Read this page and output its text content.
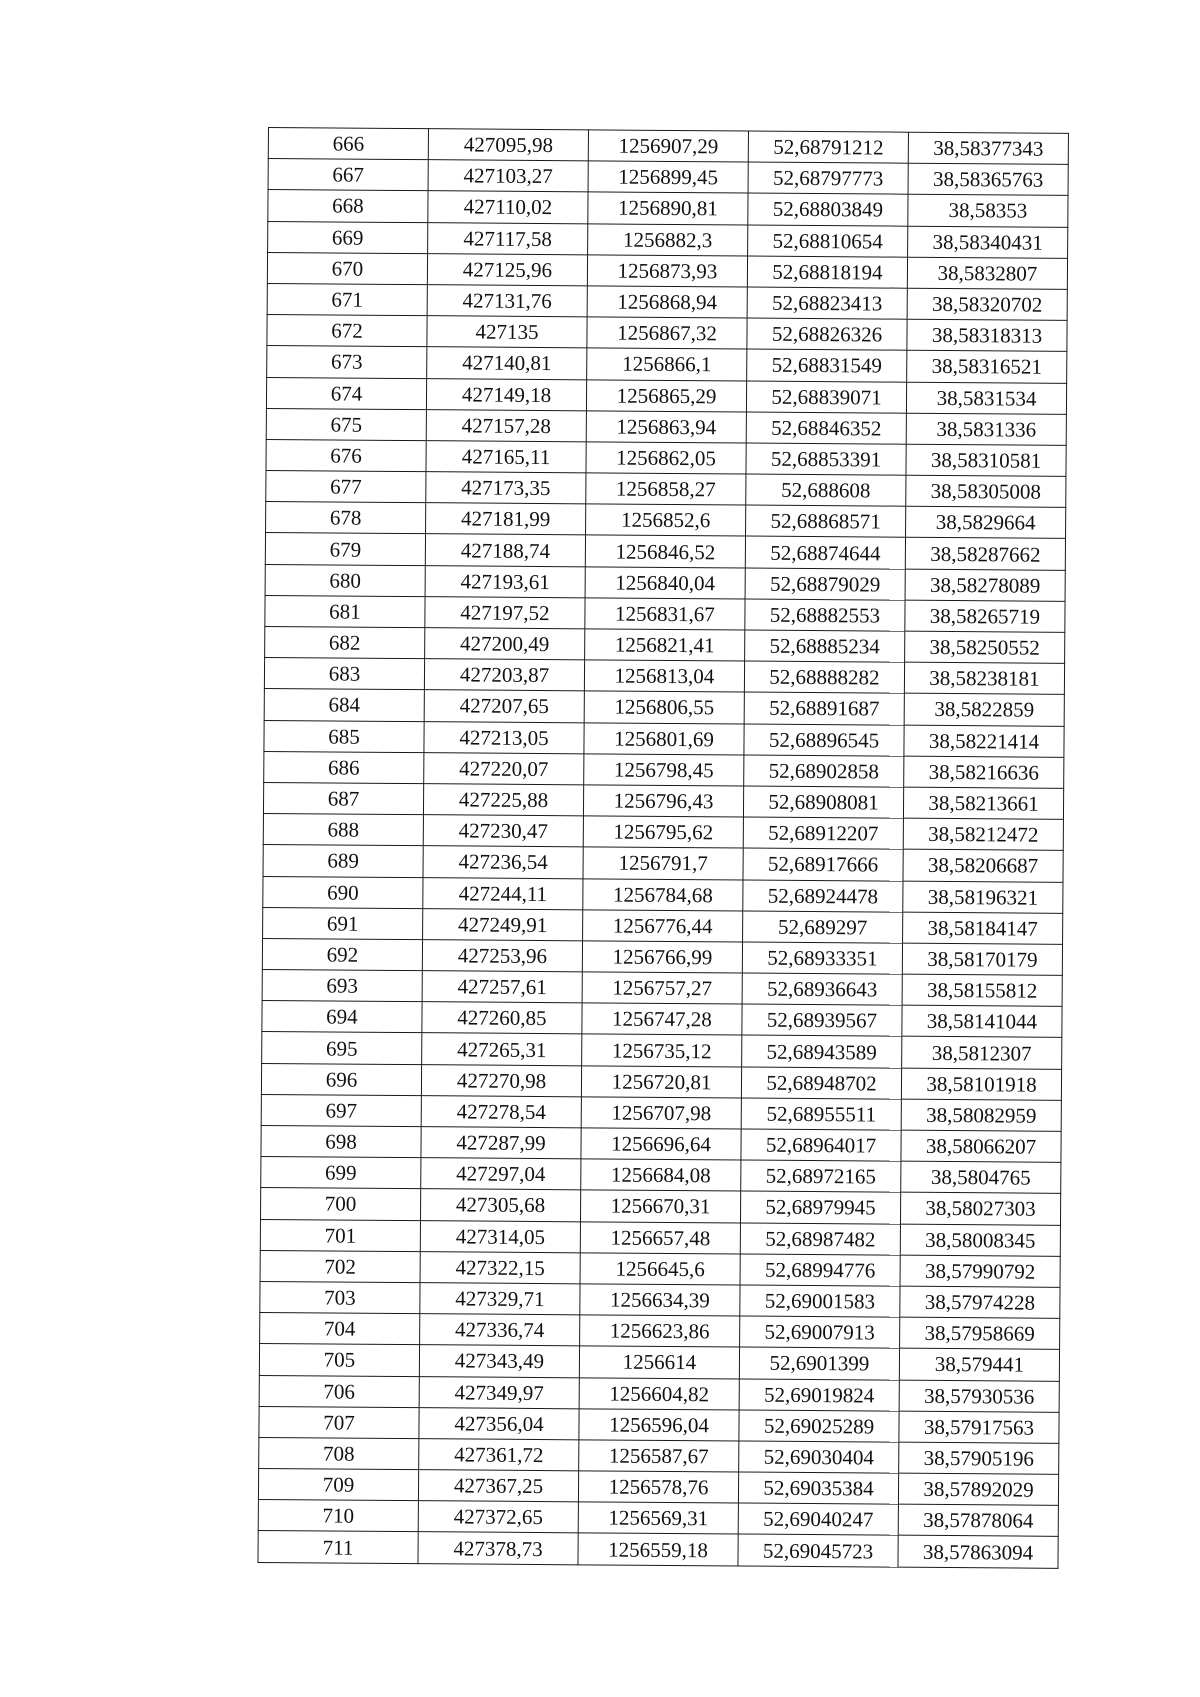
666	427095,98	1256907,29	52,68791212	38,58377343
667	427103,27	1256899,45	52,68797773	38,58365763
668	427110,02	1256890,81	52,68803849	38,58353
669	427117,58	1256882,3	52,68810654	38,58340431
670	427125,96	1256873,93	52,68818194	38,5832807
671	427131,76	1256868,94	52,68823413	38,58320702
672	427135	1256867,32	52,68826326	38,58318313
673	427140,81	1256866,1	52,68831549	38,58316521
674	427149,18	1256865,29	52,68839071	38,5831534
675	427157,28	1256863,94	52,68846352	38,5831336
676	427165,11	1256862,05	52,68853391	38,58310581
677	427173,35	1256858,27	52,688608	38,58305008
678	427181,99	1256852,6	52,68868571	38,5829664
679	427188,74	1256846,52	52,68874644	38,58287662
680	427193,61	1256840,04	52,68879029	38,58278089
681	427197,52	1256831,67	52,68882553	38,58265719
682	427200,49	1256821,41	52,68885234	38,58250552
683	427203,87	1256813,04	52,68888282	38,58238181
684	427207,65	1256806,55	52,68891687	38,5822859
685	427213,05	1256801,69	52,68896545	38,58221414
686	427220,07	1256798,45	52,68902858	38,58216636
687	427225,88	1256796,43	52,68908081	38,58213661
688	427230,47	1256795,62	52,68912207	38,58212472
689	427236,54	1256791,7	52,68917666	38,58206687
690	427244,11	1256784,68	52,68924478	38,58196321
691	427249,91	1256776,44	52,689297	38,58184147
692	427253,96	1256766,99	52,68933351	38,58170179
693	427257,61	1256757,27	52,68936643	38,58155812
694	427260,85	1256747,28	52,68939567	38,58141044
695	427265,31	1256735,12	52,68943589	38,5812307
696	427270,98	1256720,81	52,68948702	38,58101918
697	427278,54	1256707,98	52,68955511	38,58082959
698	427287,99	1256696,64	52,68964017	38,58066207
699	427297,04	1256684,08	52,68972165	38,5804765
700	427305,68	1256670,31	52,68979945	38,58027303
701	427314,05	1256657,48	52,68987482	38,58008345
702	427322,15	1256645,6	52,68994776	38,57990792
703	427329,71	1256634,39	52,69001583	38,57974228
704	427336,74	1256623,86	52,69007913	38,57958669
705	427343,49	1256614	52,6901399	38,579441
706	427349,97	1256604,82	52,69019824	38,57930536
707	427356,04	1256596,04	52,69025289	38,57917563
708	427361,72	1256587,67	52,69030404	38,57905196
709	427367,25	1256578,76	52,69035384	38,57892029
710	427372,65	1256569,31	52,69040247	38,57878064
711	427378,73	1256559,18	52,69045723	38,57863094
